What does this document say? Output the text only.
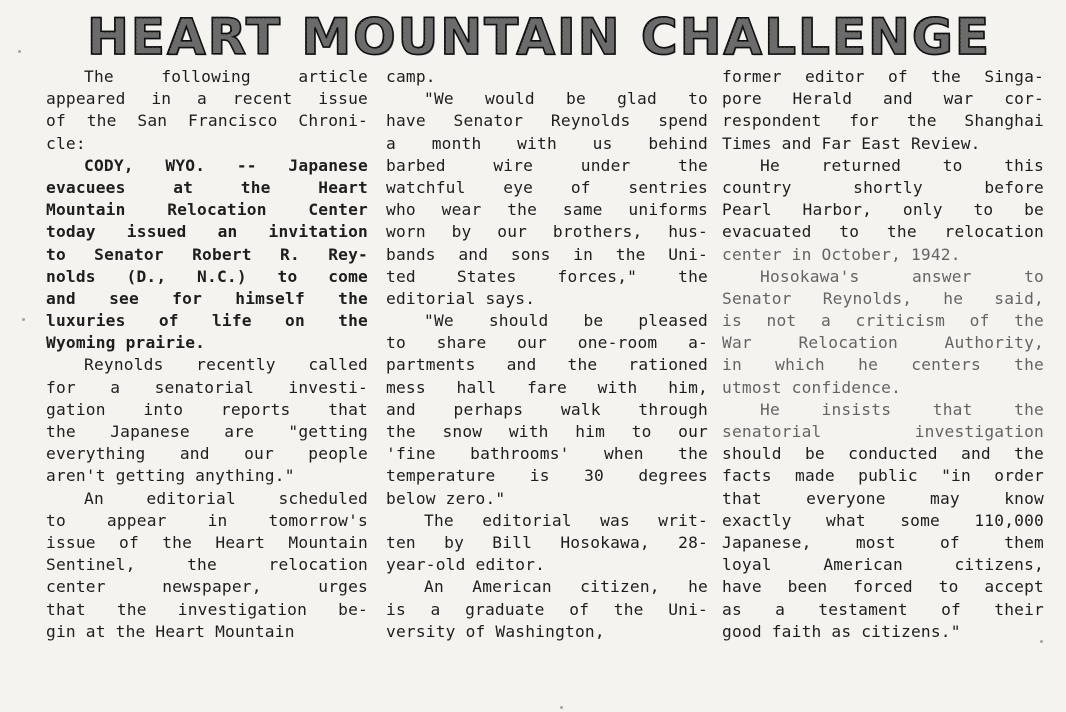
HEART MOUNTAIN CHALLENGE
The following article
appeared in a recent issue
of the San Francisco Chroni-
cle:
CODY, WYO. -- Japanese
evacuees at the Heart
Mountain Relocation Center
today issued an invitation
to Senator Robert R. Rey-
nolds (D., N.C.) to come
and see for himself the
luxuries of life on the
Wyoming prairie.
Reynolds recently called
for a senatorial investi-
gation into reports that
the Japanese are "getting
everything and our people
aren't getting anything."
An editorial scheduled
to appear in tomorrow's
issue of the Heart Mountain
Sentinel, the relocation
center newspaper, urges
that the investigation be-
gin at the Heart Mountain
camp.
"We would be glad to
have Senator Reynolds spend
a month with us behind
barbed wire under the
watchful eye of sentries
who wear the same uniforms
worn by our brothers, hus-
bands and sons in the Uni-
ted States forces," the
editorial says.
"We should be pleased
to share our one-room a-
partments and the rationed
mess hall fare with him,
and perhaps walk through
the snow with him to our
'fine bathrooms' when the
temperature is 30 degrees
below zero."
The editorial was writ-
ten by Bill Hosokawa, 28-
year-old editor.
An American citizen, he
is a graduate of the Uni-
versity of Washington,
former editor of the Singa-
pore Herald and war cor-
respondent for the Shanghai
Times and Far East Review.
He returned to this
country shortly before
Pearl Harbor, only to be
evacuated to the relocation
center in October, 1942.
Hosokawa's answer to
Senator Reynolds, he said,
is not a criticism of the
War Relocation Authority,
in which he centers the
utmost confidence.
He insists that the
senatorial investigation
should be conducted and the
facts made public "in order
that everyone may know
exactly what some 110,000
Japanese, most of them
loyal American citizens,
have been forced to accept
as a testament of their
good faith as citizens."
